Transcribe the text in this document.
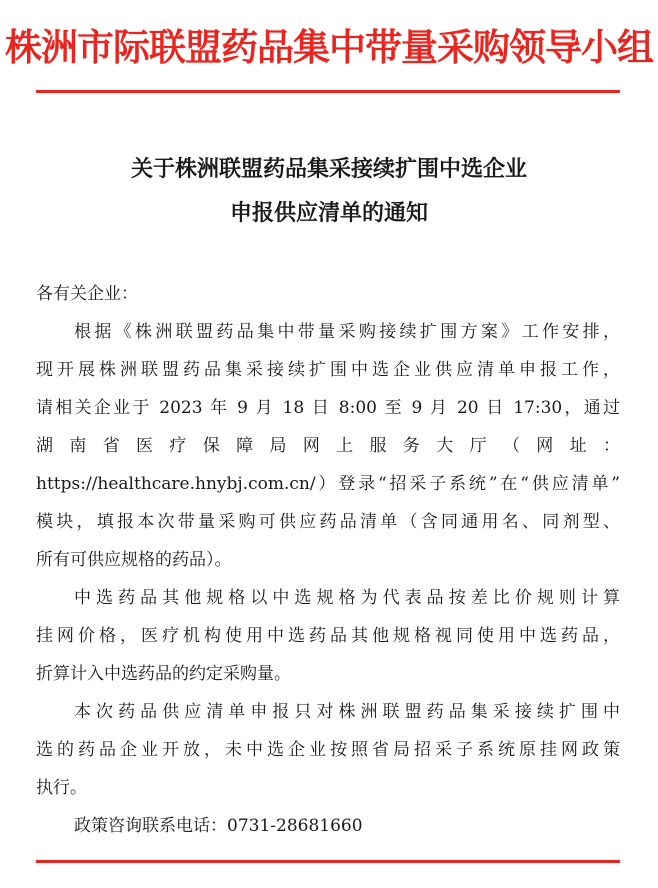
株洲市际联盟药品集中带量采购领导小组
关于株洲联盟药品集采接续扩围中选企业
申报供应清单的通知

各有关企业：

根据《株洲联盟药品集中带量采购接续扩围方案》工作安排，
现开展株洲联盟药品集采接续扩围中选企业供应清单申报工作，
请相关企业于 2023 年 9 月 18 日 8:00 至 9 月 20 日 17:30，通过
湖南省医疗保障局网上服务大厅（网址：
https://healthcare.hnybj.com.cn/）登录“招采子系统”在“供应清单”
模块，填报本次带量采购可供应药品清单（含同通用名、同剂型、
所有可供应规格的药品）。

中选药品其他规格以中选规格为代表品按差比价规则计算
挂网价格，医疗机构使用中选药品其他规格视同使用中选药品，
折算计入中选药品的约定采购量。

本次药品供应清单申报只对株洲联盟药品集采接续扩围中
选的药品企业开放，未中选企业按照省局招采子系统原挂网政策
执行。

政策咨询联系电话：0731-28681660
